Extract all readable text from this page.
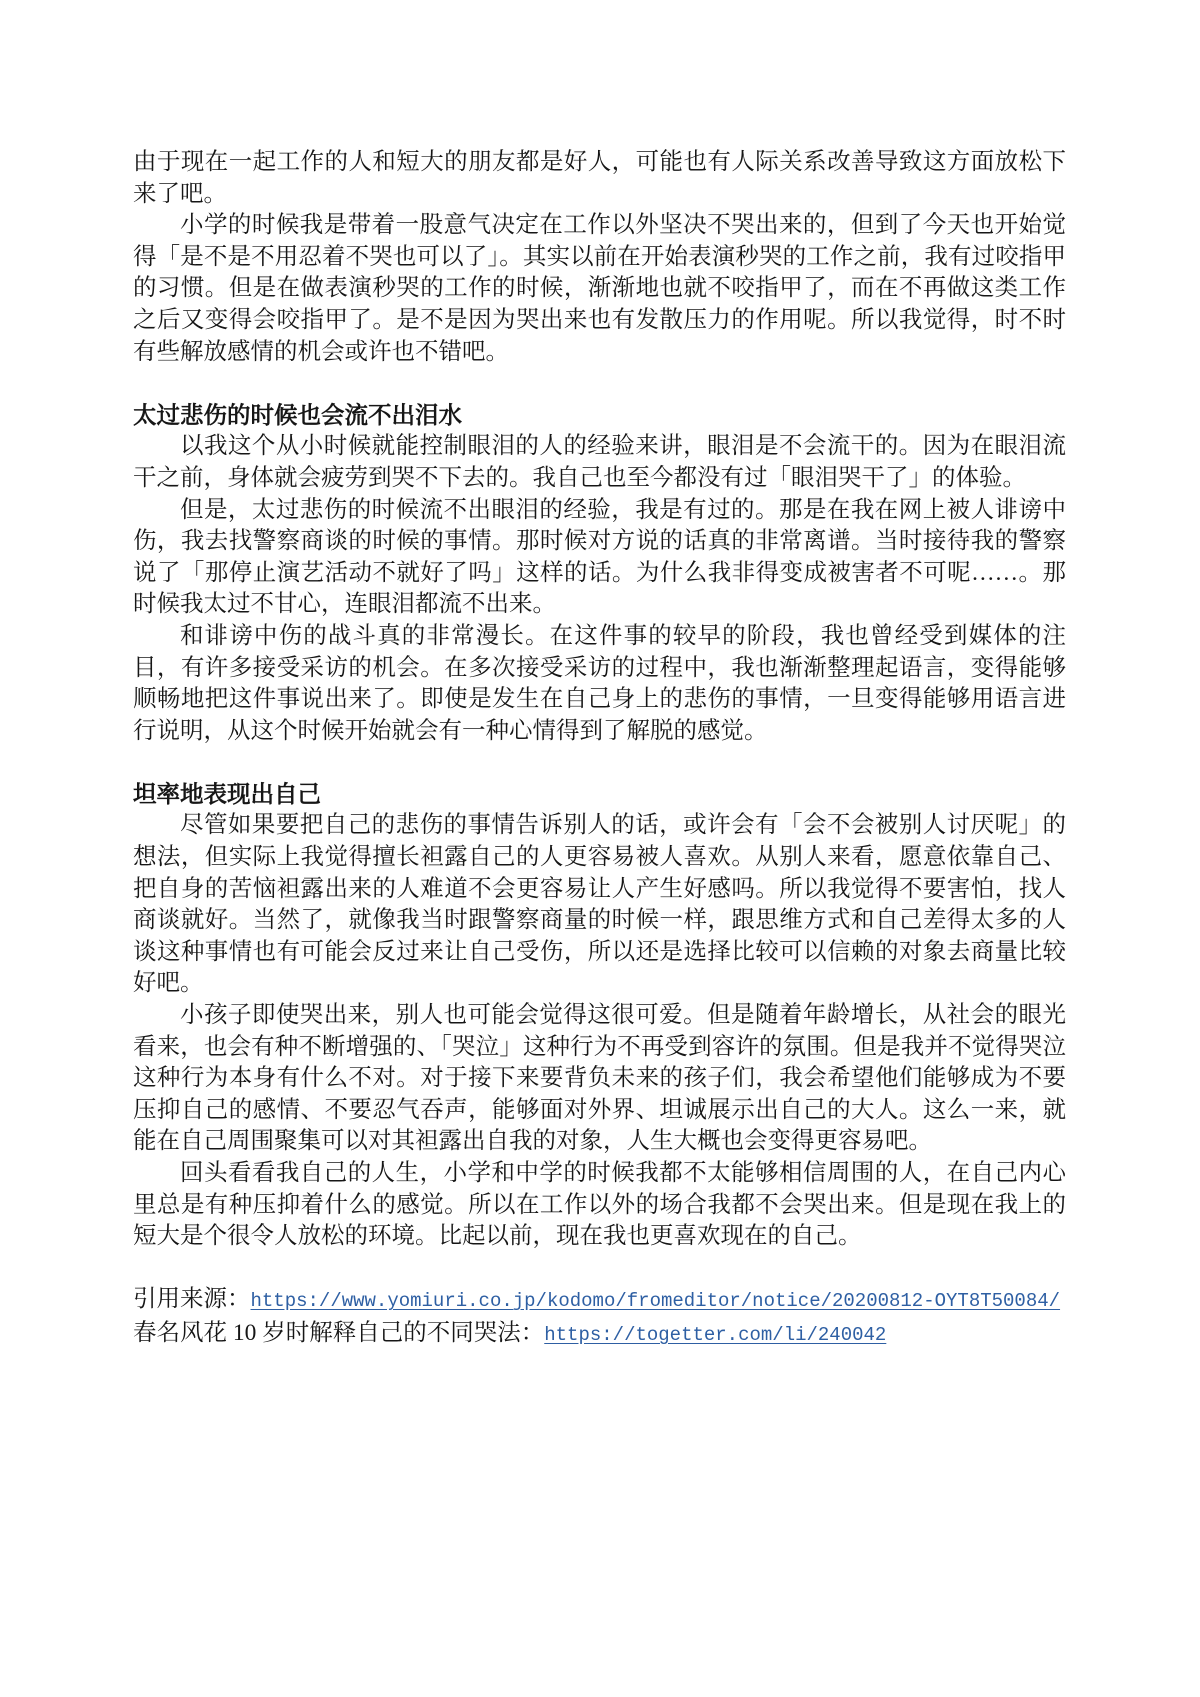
由于现在一起工作的人和短大的朋友都是好人，可能也有人际关系改善导致这方面放松下来了吧。

小学的时候我是带着一股意气决定在工作以外坚决不哭出来的，但到了今天也开始觉得「是不是不用忍着不哭也可以了」。其实以前在开始表演秒哭的工作之前，我有过咬指甲的习惯。但是在做表演秒哭的工作的时候，渐渐地也就不咬指甲了，而在不再做这类工作之后又变得会咬指甲了。是不是因为哭出来也有发散压力的作用呢。所以我觉得，时不时有些解放感情的机会或许也不错吧。

太过悲伤的时候也会流不出泪水

以我这个从小时候就能控制眼泪的人的经验来讲，眼泪是不会流干的。因为在眼泪流干之前，身体就会疲劳到哭不下去的。我自己也至今都没有过「眼泪哭干了」的体验。

但是，太过悲伤的时候流不出眼泪的经验，我是有过的。那是在我在网上被人诽谤中伤，我去找警察商谈的时候的事情。那时候对方说的话真的非常离谱。当时接待我的警察说了「那停止演艺活动不就好了吗」这样的话。为什么我非得变成被害者不可呢……。那时候我太过不甘心，连眼泪都流不出来。

和诽谤中伤的战斗真的非常漫长。在这件事的较早的阶段，我也曾经受到媒体的注目，有许多接受采访的机会。在多次接受采访的过程中，我也渐渐整理起语言，变得能够顺畅地把这件事说出来了。即使是发生在自己身上的悲伤的事情，一旦变得能够用语言进行说明，从这个时候开始就会有一种心情得到了解脱的感觉。

坦率地表现出自己

尽管如果要把自己的悲伤的事情告诉别人的话，或许会有「会不会被别人讨厌呢」的想法，但实际上我觉得擅长袒露自己的人更容易被人喜欢。从别人来看，愿意依靠自己、把自身的苦恼袒露出来的人难道不会更容易让人产生好感吗。所以我觉得不要害怕，找人商谈就好。当然了，就像我当时跟警察商量的时候一样，跟思维方式和自己差得太多的人谈这种事情也有可能会反过来让自己受伤，所以还是选择比较可以信赖的对象去商量比较好吧。

小孩子即使哭出来，别人也可能会觉得这很可爱。但是随着年龄增长，从社会的眼光看来，也会有种不断增强的、「哭泣」这种行为不再受到容许的氛围。但是我并不觉得哭泣这种行为本身有什么不对。对于接下来要背负未来的孩子们，我会希望他们能够成为不要压抑自己的感情、不要忍气吞声，能够面对外界、坦诚展示出自己的大人。这么一来，就能在自己周围聚集可以对其袒露出自我的对象，人生大概也会变得更容易吧。

回头看看我自己的人生，小学和中学的时候我都不太能够相信周围的人，在自己内心里总是有种压抑着什么的感觉。所以在工作以外的场合我都不会哭出来。但是现在我上的短大是个很令人放松的环境。比起以前，现在我也更喜欢现在的自己。

引用来源：https://www.yomiuri.co.jp/kodomo/fromeditor/notice/20200812-OYT8T50084/

春名风花 10 岁时解释自己的不同哭法：https://togetter.com/li/240042
